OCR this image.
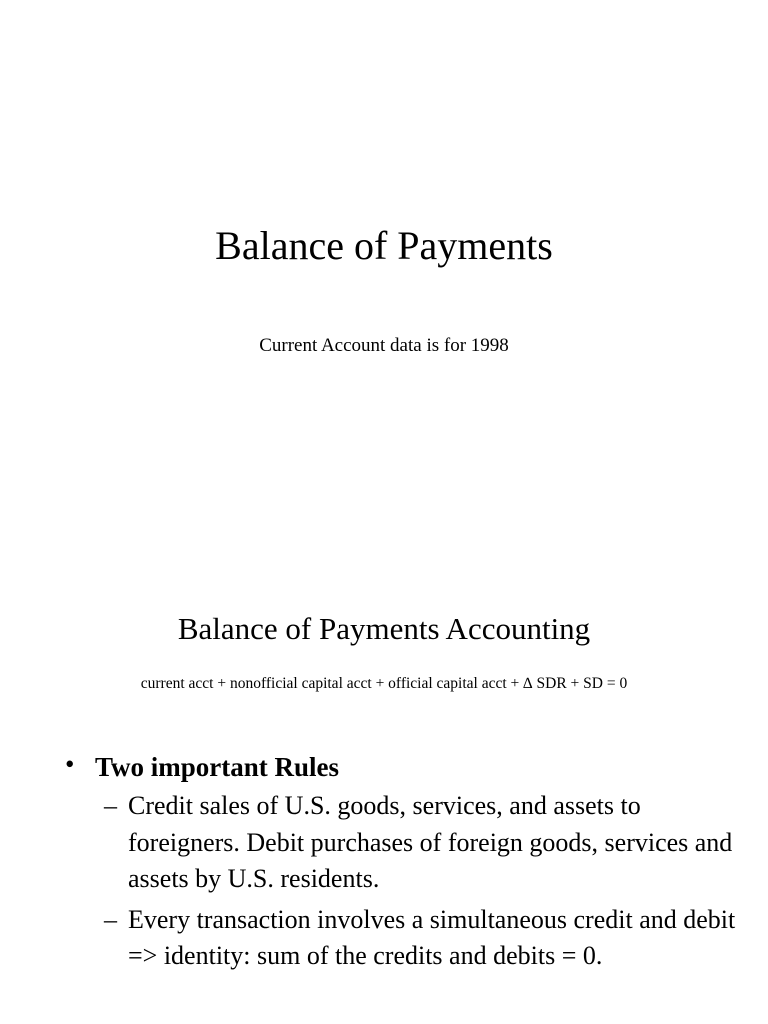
Balance of Payments

Current Account data is for 1998

Balance of Payments Accounting

current acct + nonofficial capital acct + official capital acct + ∆ SDR + SD = 0

• Two important Rules
– Credit sales of U.S. goods, services, and assets to foreigners. Debit purchases of foreign goods, services and assets by U.S. residents.
– Every transaction involves a simultaneous credit and debit => identity: sum of the credits and debits = 0.
